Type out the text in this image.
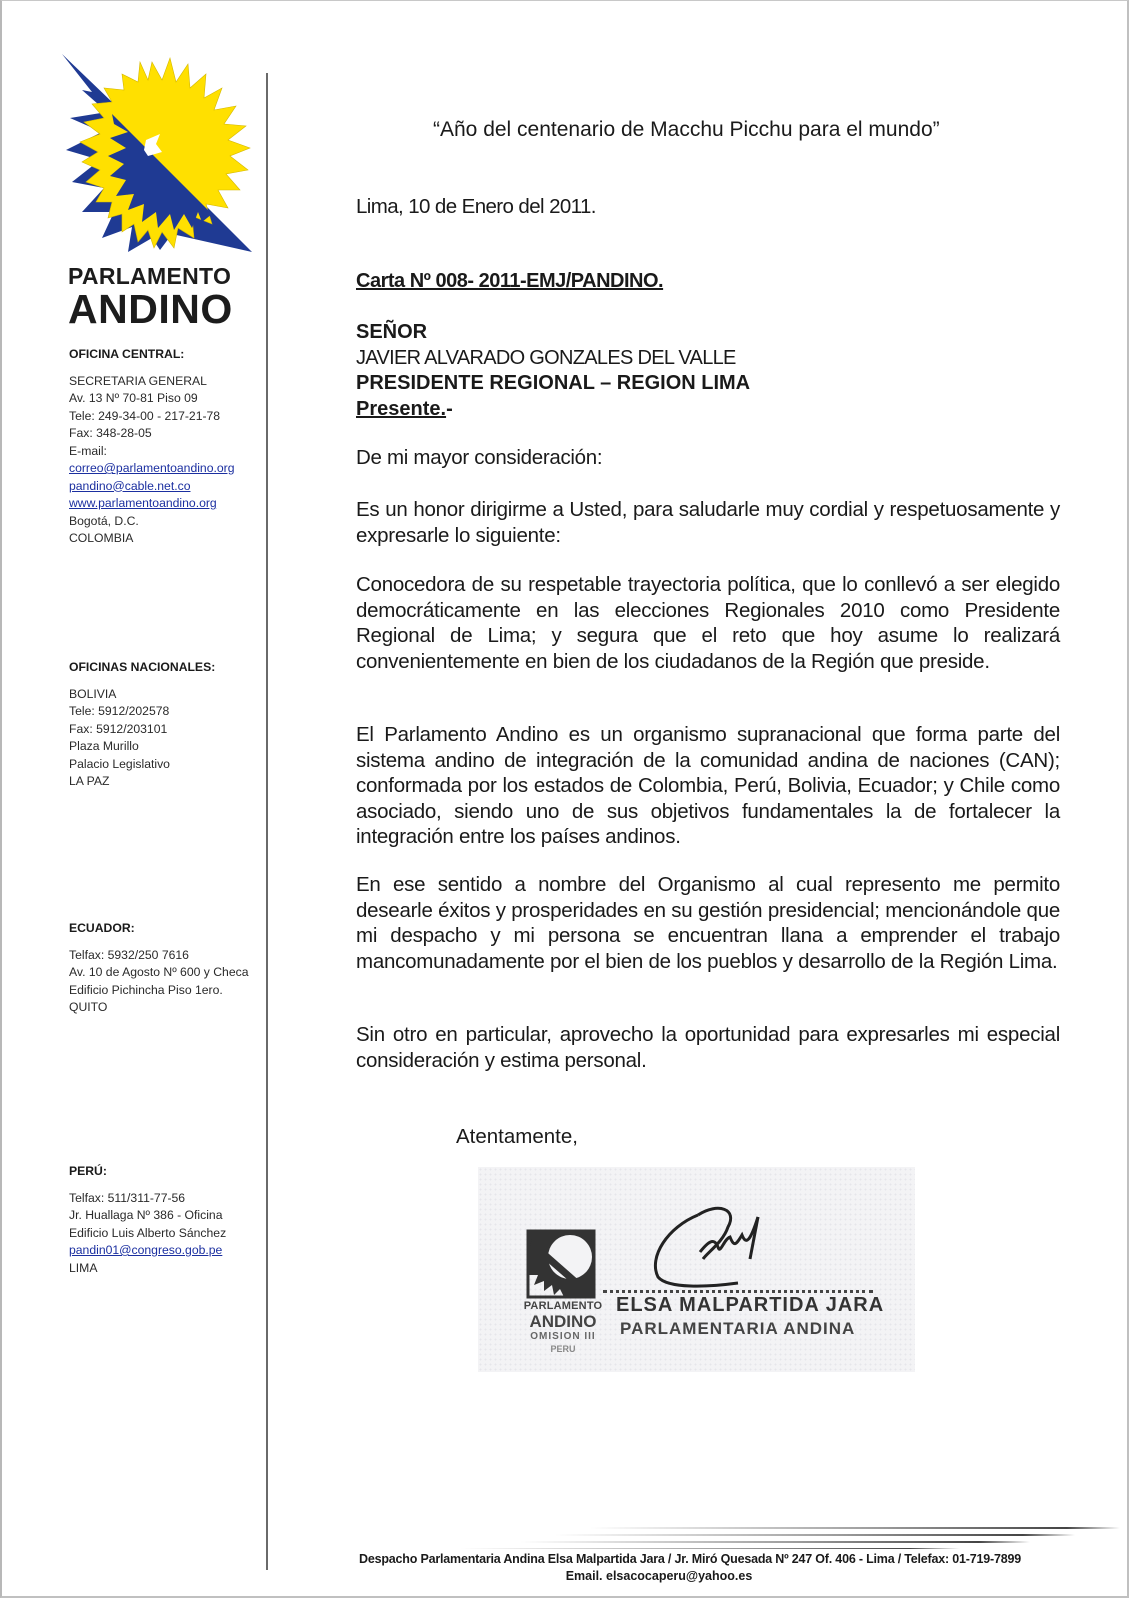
PARLAMENTO
ANDINO
OFICINA CENTRAL:
SECRETARIA GENERAL
Av. 13 Nº 70-81 Piso 09
Tele: 249-34-00 - 217-21-78
Fax: 348-28-05
E-mail:
correo@parlamentoandino.org
pandino@cable.net.co
www.parlamentoandino.org
Bogotá, D.C.
COLOMBIA
OFICINAS NACIONALES:
BOLIVIA
Tele: 5912/202578
Fax: 5912/203101
Plaza Murillo
Palacio Legislativo
LA PAZ
ECUADOR:
Telfax: 5932/250 7616
Av. 10 de Agosto Nº 600 y Checa
Edificio Pichincha Piso 1ero.
QUITO
PERÚ:
Telfax: 511/311-77-56
Jr. Huallaga Nº 386 - Oficina
Edificio Luis Alberto Sánchez
pandin01@congreso.gob.pe
LIMA
“Año del centenario de Macchu Picchu para el mundo”
Lima, 10 de Enero del 2011.
Carta Nº 008- 2011-EMJ/PANDINO.
SEÑOR
JAVIER ALVARADO GONZALES DEL VALLE
PRESIDENTE REGIONAL – REGION LIMA
Presente.-
De mi mayor consideración:
Es un honor dirigirme a Usted, para saludarle muy cordial y respetuosamente y expresarle lo siguiente:
Conocedora de su respetable trayectoria política, que lo conllevó a ser elegido democráticamente en las elecciones Regionales 2010 como Presidente Regional de Lima; y segura que el reto que hoy asume lo realizará convenientemente en bien de los ciudadanos de la Región que preside.
El Parlamento Andino es un organismo supranacional que forma parte del sistema andino de integración de la comunidad andina de naciones (CAN); conformada por los estados de Colombia, Perú, Bolivia, Ecuador; y Chile como asociado, siendo uno de sus objetivos fundamentales la de fortalecer la integración entre los países andinos.
En ese sentido a nombre del Organismo al cual represento me permito desearle éxitos y prosperidades en su gestión presidencial; mencionándole que mi despacho y mi persona se encuentran llana a emprender el trabajo mancomunadamente por el bien de los pueblos y desarrollo de la Región Lima.
Sin otro en particular, aprovecho la oportunidad para expresarles mi especial consideración y estima personal.
Atentamente,
PARLAMENTO
ANDINO
OMISION III
PERU
ELSA MALPARTIDA JARA
PARLAMENTARIA ANDINA
Despacho Parlamentaria Andina Elsa Malpartida Jara / Jr. Miró Quesada Nº 247 Of. 406 - Lima / Telefax: 01-719-7899
Email. elsacocaperu@yahoo.es
